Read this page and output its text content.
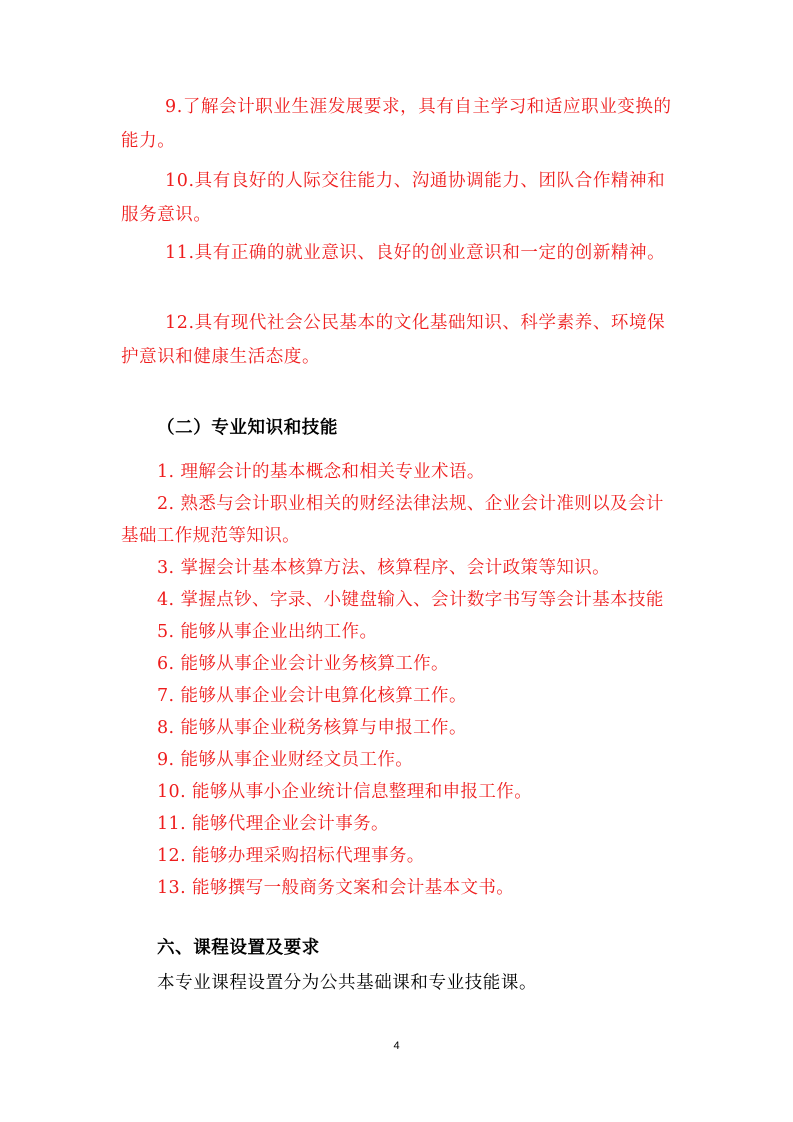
9.了解会计职业生涯发展要求，具有自主学习和适应职业变换的能力。
10.具有良好的人际交往能力、沟通协调能力、团队合作精神和服务意识。
11.具有正确的就业意识、良好的创业意识和一定的创新精神。
12.具有现代社会公民基本的文化基础知识、科学素养、环境保护意识和健康生活态度。
（二）专业知识和技能
1. 理解会计的基本概念和相关专业术语。
2. 熟悉与会计职业相关的财经法律法规、企业会计准则以及会计基础工作规范等知识。
3. 掌握会计基本核算方法、核算程序、会计政策等知识。
4. 掌握点钞、字录、小键盘输入、会计数字书写等会计基本技能
5. 能够从事企业出纳工作。
6. 能够从事企业会计业务核算工作。
7. 能够从事企业会计电算化核算工作。
8. 能够从事企业税务核算与申报工作。
9. 能够从事企业财经文员工作。
10. 能够从事小企业统计信息整理和申报工作。
11. 能够代理企业会计事务。
12. 能够办理采购招标代理事务。
13. 能够撰写一般商务文案和会计基本文书。
六、课程设置及要求
本专业课程设置分为公共基础课和专业技能课。
4
